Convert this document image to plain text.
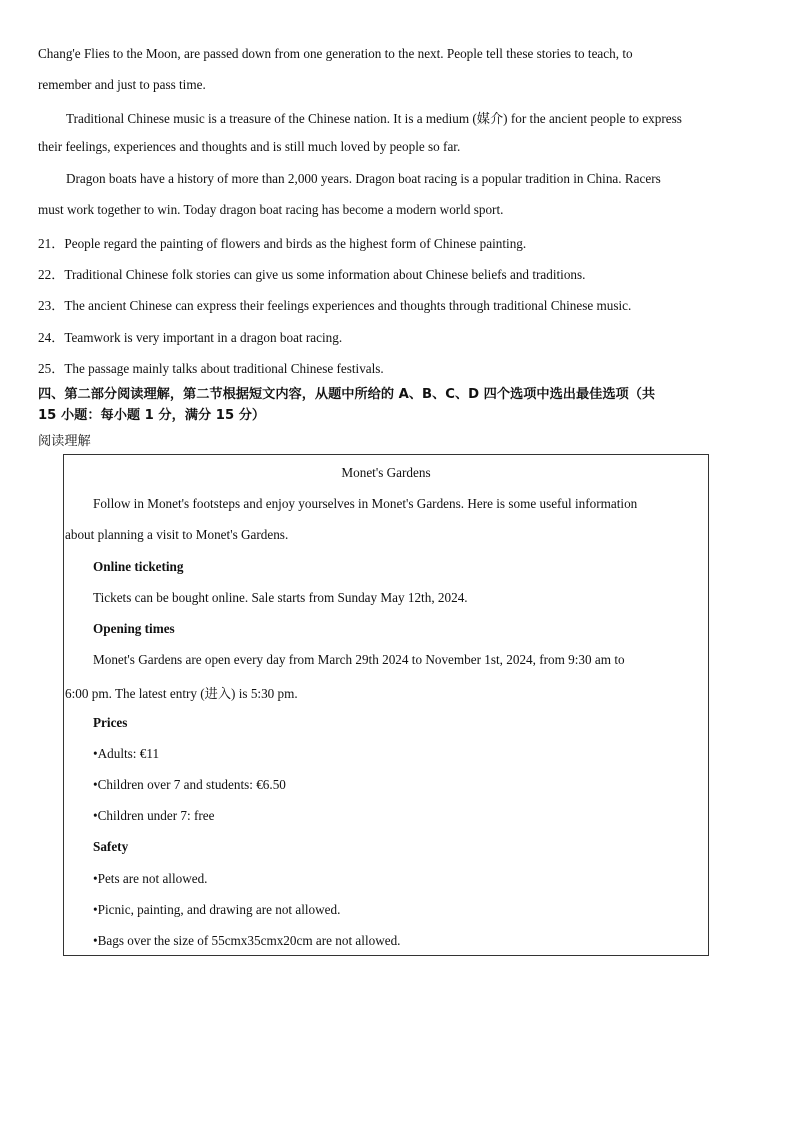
Chang'e Flies to the Moon, are passed down from one generation to the next. People tell these stories to teach, to
remember and just to pass time.
Traditional Chinese music is a treasure of the Chinese nation. It is a medium (媒介) for the ancient people to express
their feelings, experiences and thoughts and is still much loved by people so far.
Dragon boats have a history of more than 2,000 years. Dragon boat racing is a popular tradition in China. Racers
must work together to win. Today dragon boat racing has become a modern world sport.
21．People regard the painting of flowers and birds as the highest form of Chinese painting.
22．Traditional Chinese folk stories can give us some information about Chinese beliefs and traditions.
23．The ancient Chinese can express their feelings experiences and thoughts through traditional Chinese music.
24．Teamwork is very important in a dragon boat racing.
25．The passage mainly talks about traditional Chinese festivals.
四、第二部分阅读理解，第二节根据短文内容，从题中所给的 A、B、C、D 四个选项中选出最佳选项（共
15 小题：每小题 1 分，满分 15 分）
阅读理解
Monet's Gardens
Follow in Monet's footsteps and enjoy yourselves in Monet's Gardens. Here is some useful information
about planning a visit to Monet's Gardens.
Online ticketing
Tickets can be bought online. Sale starts from Sunday May 12th, 2024.
Opening times
Monet's Gardens are open every day from March 29th 2024 to November 1st, 2024, from 9:30 am to
6:00 pm. The latest entry (进入) is 5:30 pm.
Prices
•Adults: €11
•Children over 7 and students: €6.50
•Children under 7: free
Safety
•Pets are not allowed.
•Picnic, painting, and drawing are not allowed.
•Bags over the size of 55cmx35cmx20cm are not allowed.
